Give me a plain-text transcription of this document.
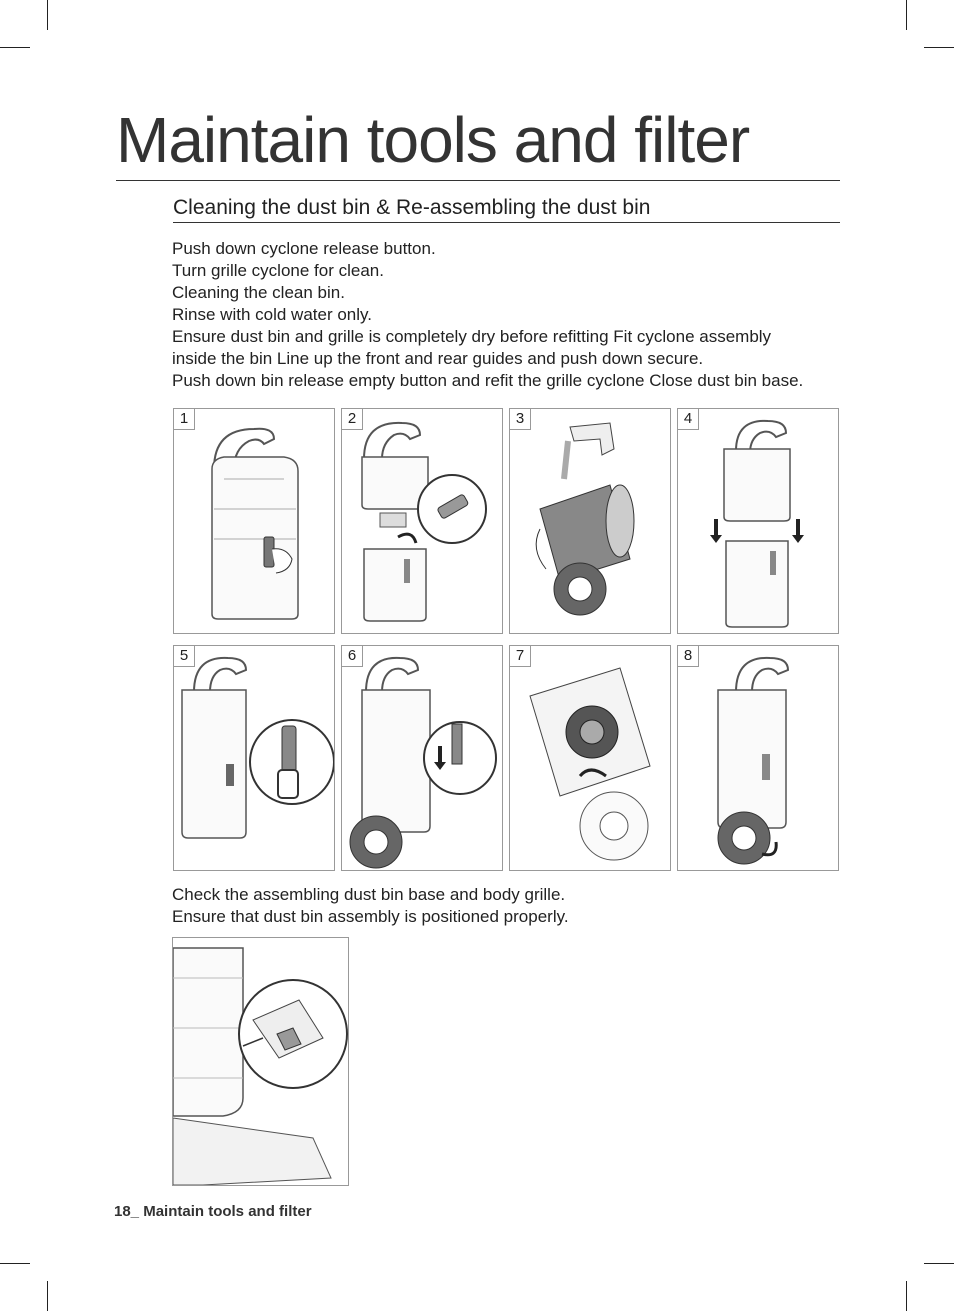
Maintain tools and filter
Cleaning the dust bin & Re-assembling the dust bin
Push down cyclone release button.
Turn grille cyclone for clean.
Cleaning the clean bin.
Rinse with cold water only.
Ensure dust bin and grille is completely dry before refitting Fit cyclone assembly
inside the bin Line up the front and rear guides and push down secure.
Push down bin release empty button and refit the grille cyclone Close dust bin base.
1	2	3	4
5	6	7	8
Check the assembling dust bin base and body grille.
Ensure that dust bin assembly is positioned properly.
18_ Maintain tools and filter
